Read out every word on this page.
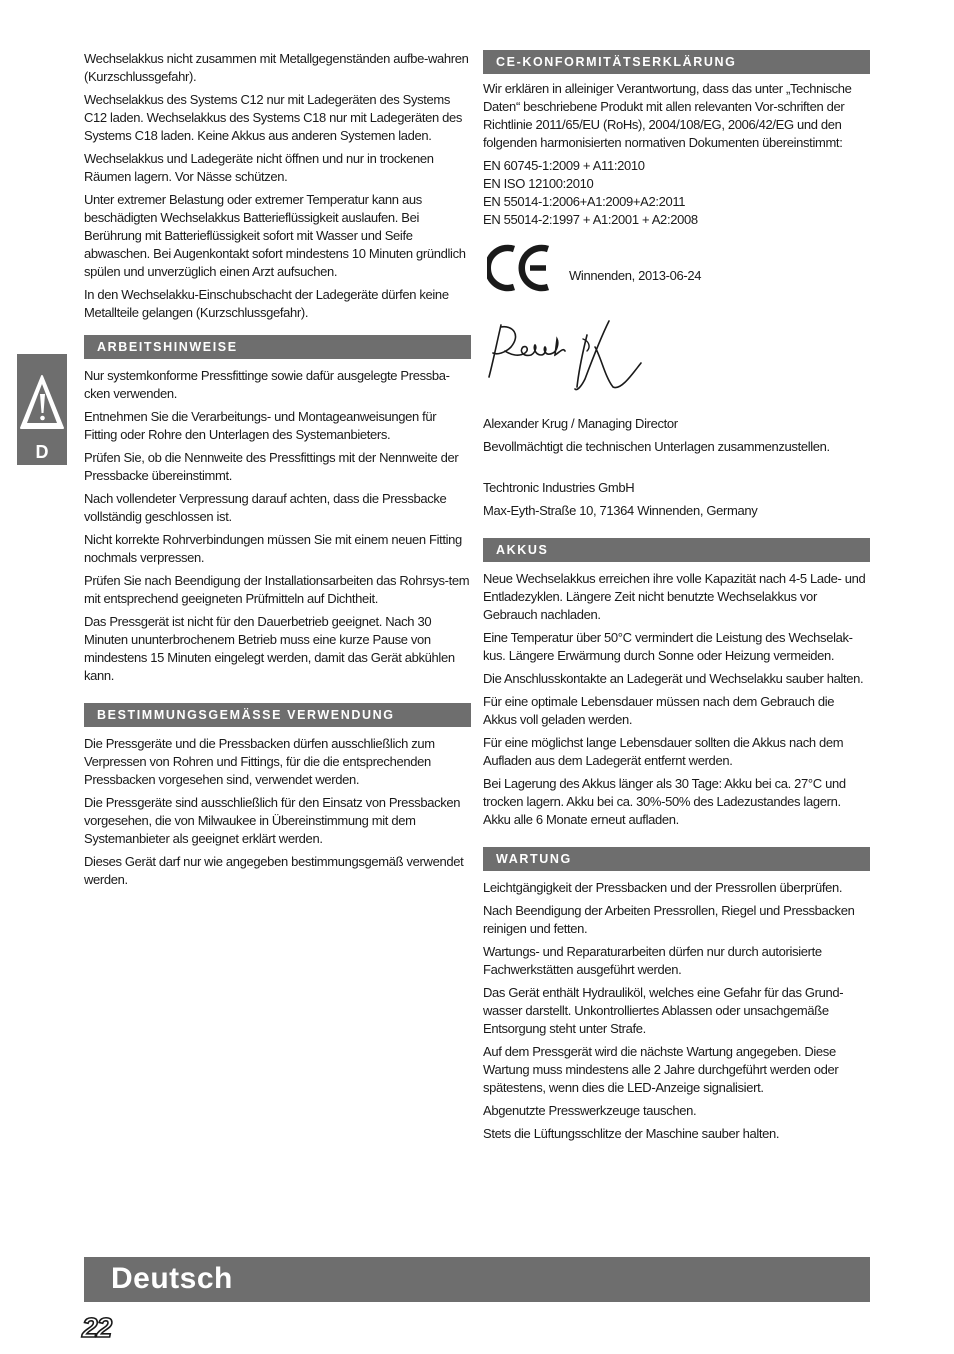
D

Wechselakkus nicht zusammen mit Metallgegenständen aufbe-wahren (Kurzschlussgefahr).

Wechselakkus des Systems C12 nur mit Ladegeräten des Systems C12 laden. Wechselakkus des Systems C18 nur mit Ladegeräten des Systems C18 laden. Keine Akkus aus anderen Systemen laden.

Wechselakkus und Ladegeräte nicht öffnen und nur in trockenen Räumen lagern. Vor Nässe schützen.

Unter extremer Belastung oder extremer Temperatur kann aus beschädigten Wechselakkus Batterieflüssigkeit auslaufen. Bei Berührung mit Batterieflüssigkeit sofort mit Wasser und Seife abwaschen. Bei Augenkontakt sofort mindestens 10 Minuten gründlich spülen und unverzüglich einen Arzt aufsuchen.

In den Wechselakku-Einschubschacht der Ladegeräte dürfen keine Metallteile gelangen (Kurzschlussgefahr).

ARBEITSHINWEISE

Nur systemkonforme Pressfittinge sowie dafür ausgelegte Pressba-cken verwenden.

Entnehmen Sie die Verarbeitungs- und Montageanweisungen für Fitting oder Rohre den Unterlagen des Systemanbieters.

Prüfen Sie, ob die Nennweite des Pressfittings mit der Nennweite der Pressbacke übereinstimmt.

Nach vollendeter Verpressung darauf achten, dass die Pressbacke vollständig geschlossen ist.

Nicht korrekte Rohrverbindungen müssen Sie mit einem neuen Fitting nochmals verpressen.

Prüfen Sie nach Beendigung der Installationsarbeiten das Rohrsys-tem mit entsprechend geeigneten Prüfmitteln auf Dichtheit.

Das Pressgerät ist nicht für den Dauerbetrieb geeignet. Nach 30 Minuten ununterbrochenem Betrieb muss eine kurze Pause von mindestens 15 Minuten eingelegt werden, damit das Gerät abkühlen kann.

BESTIMMUNGSGEMÄSSE VERWENDUNG

Die Pressgeräte und die Pressbacken dürfen ausschließlich zum Verpressen von Rohren und Fittings, für die die entsprechenden Pressbacken vorgesehen sind, verwendet werden.

Die Pressgeräte sind ausschließlich für den Einsatz von Pressbacken vorgesehen, die von Milwaukee in Übereinstimmung mit dem Systemanbieter als geeignet erklärt werden.

Dieses Gerät darf nur wie angegeben bestimmungsgemäß verwendet werden.

CE-KONFORMITÄTSERKLÄRUNG

Wir erklären in alleiniger Verantwortung, dass das unter „Technische Daten“ beschriebene Produkt mit allen relevanten Vor-schriften der Richtlinie 2011/65/EU (RoHs), 2004/108/EG, 2006/42/EG und den folgenden harmonisierten normativen Dokumenten übereinstimmt:

EN 60745-1:2009 + A11:2010

EN ISO 12100:2010

EN 55014-1:2006+A1:2009+A2:2011

EN 55014-2:1997 + A1:2001 + A2:2008

Winnenden, 2013-06-24

Alexander Krug / Managing Director

Bevollmächtigt die technischen Unterlagen zusammenzustellen.

Techtronic Industries GmbH

Max-Eyth-Straße 10, 71364 Winnenden, Germany

AKKUS

Neue Wechselakkus erreichen ihre volle Kapazität nach 4-5 Lade- und Entladezyklen. Längere Zeit nicht benutzte Wechselakkus vor Gebrauch nachladen.

Eine Temperatur über 50°C vermindert die Leistung des Wechselak-kus. Längere Erwärmung durch Sonne oder Heizung vermeiden.

Die Anschlusskontakte an Ladegerät und Wechselakku sauber halten.

Für eine optimale Lebensdauer müssen nach dem Gebrauch die Akkus voll geladen werden.

Für eine möglichst lange Lebensdauer sollten die Akkus nach dem Aufladen aus dem Ladegerät entfernt werden.

Bei Lagerung des Akkus länger als 30 Tage: Akku bei ca. 27°C und trocken lagern. Akku bei ca. 30%-50% des Ladezustandes lagern. Akku alle 6 Monate erneut aufladen.

WARTUNG

Leichtgängigkeit der Pressbacken und der Pressrollen überprüfen.

Nach Beendigung der Arbeiten Pressrollen, Riegel und Pressbacken reinigen und fetten.

Wartungs- und Reparaturarbeiten dürfen nur durch autorisierte Fachwerkstätten ausgeführt werden.

Das Gerät enthält Hydrauliköl, welches eine Gefahr für das Grund-wasser darstellt. Unkontrolliertes Ablassen oder unsachgemäße Entsorgung steht unter Strafe.

Auf dem Pressgerät wird die nächste Wartung angegeben. Diese Wartung muss mindestens alle 2 Jahre durchgeführt werden oder spätestens, wenn dies die LED-Anzeige signalisiert.

Abgenutzte Presswerkzeuge tauschen.

Stets die Lüftungsschlitze der Maschine sauber halten.

Deutsch
22
